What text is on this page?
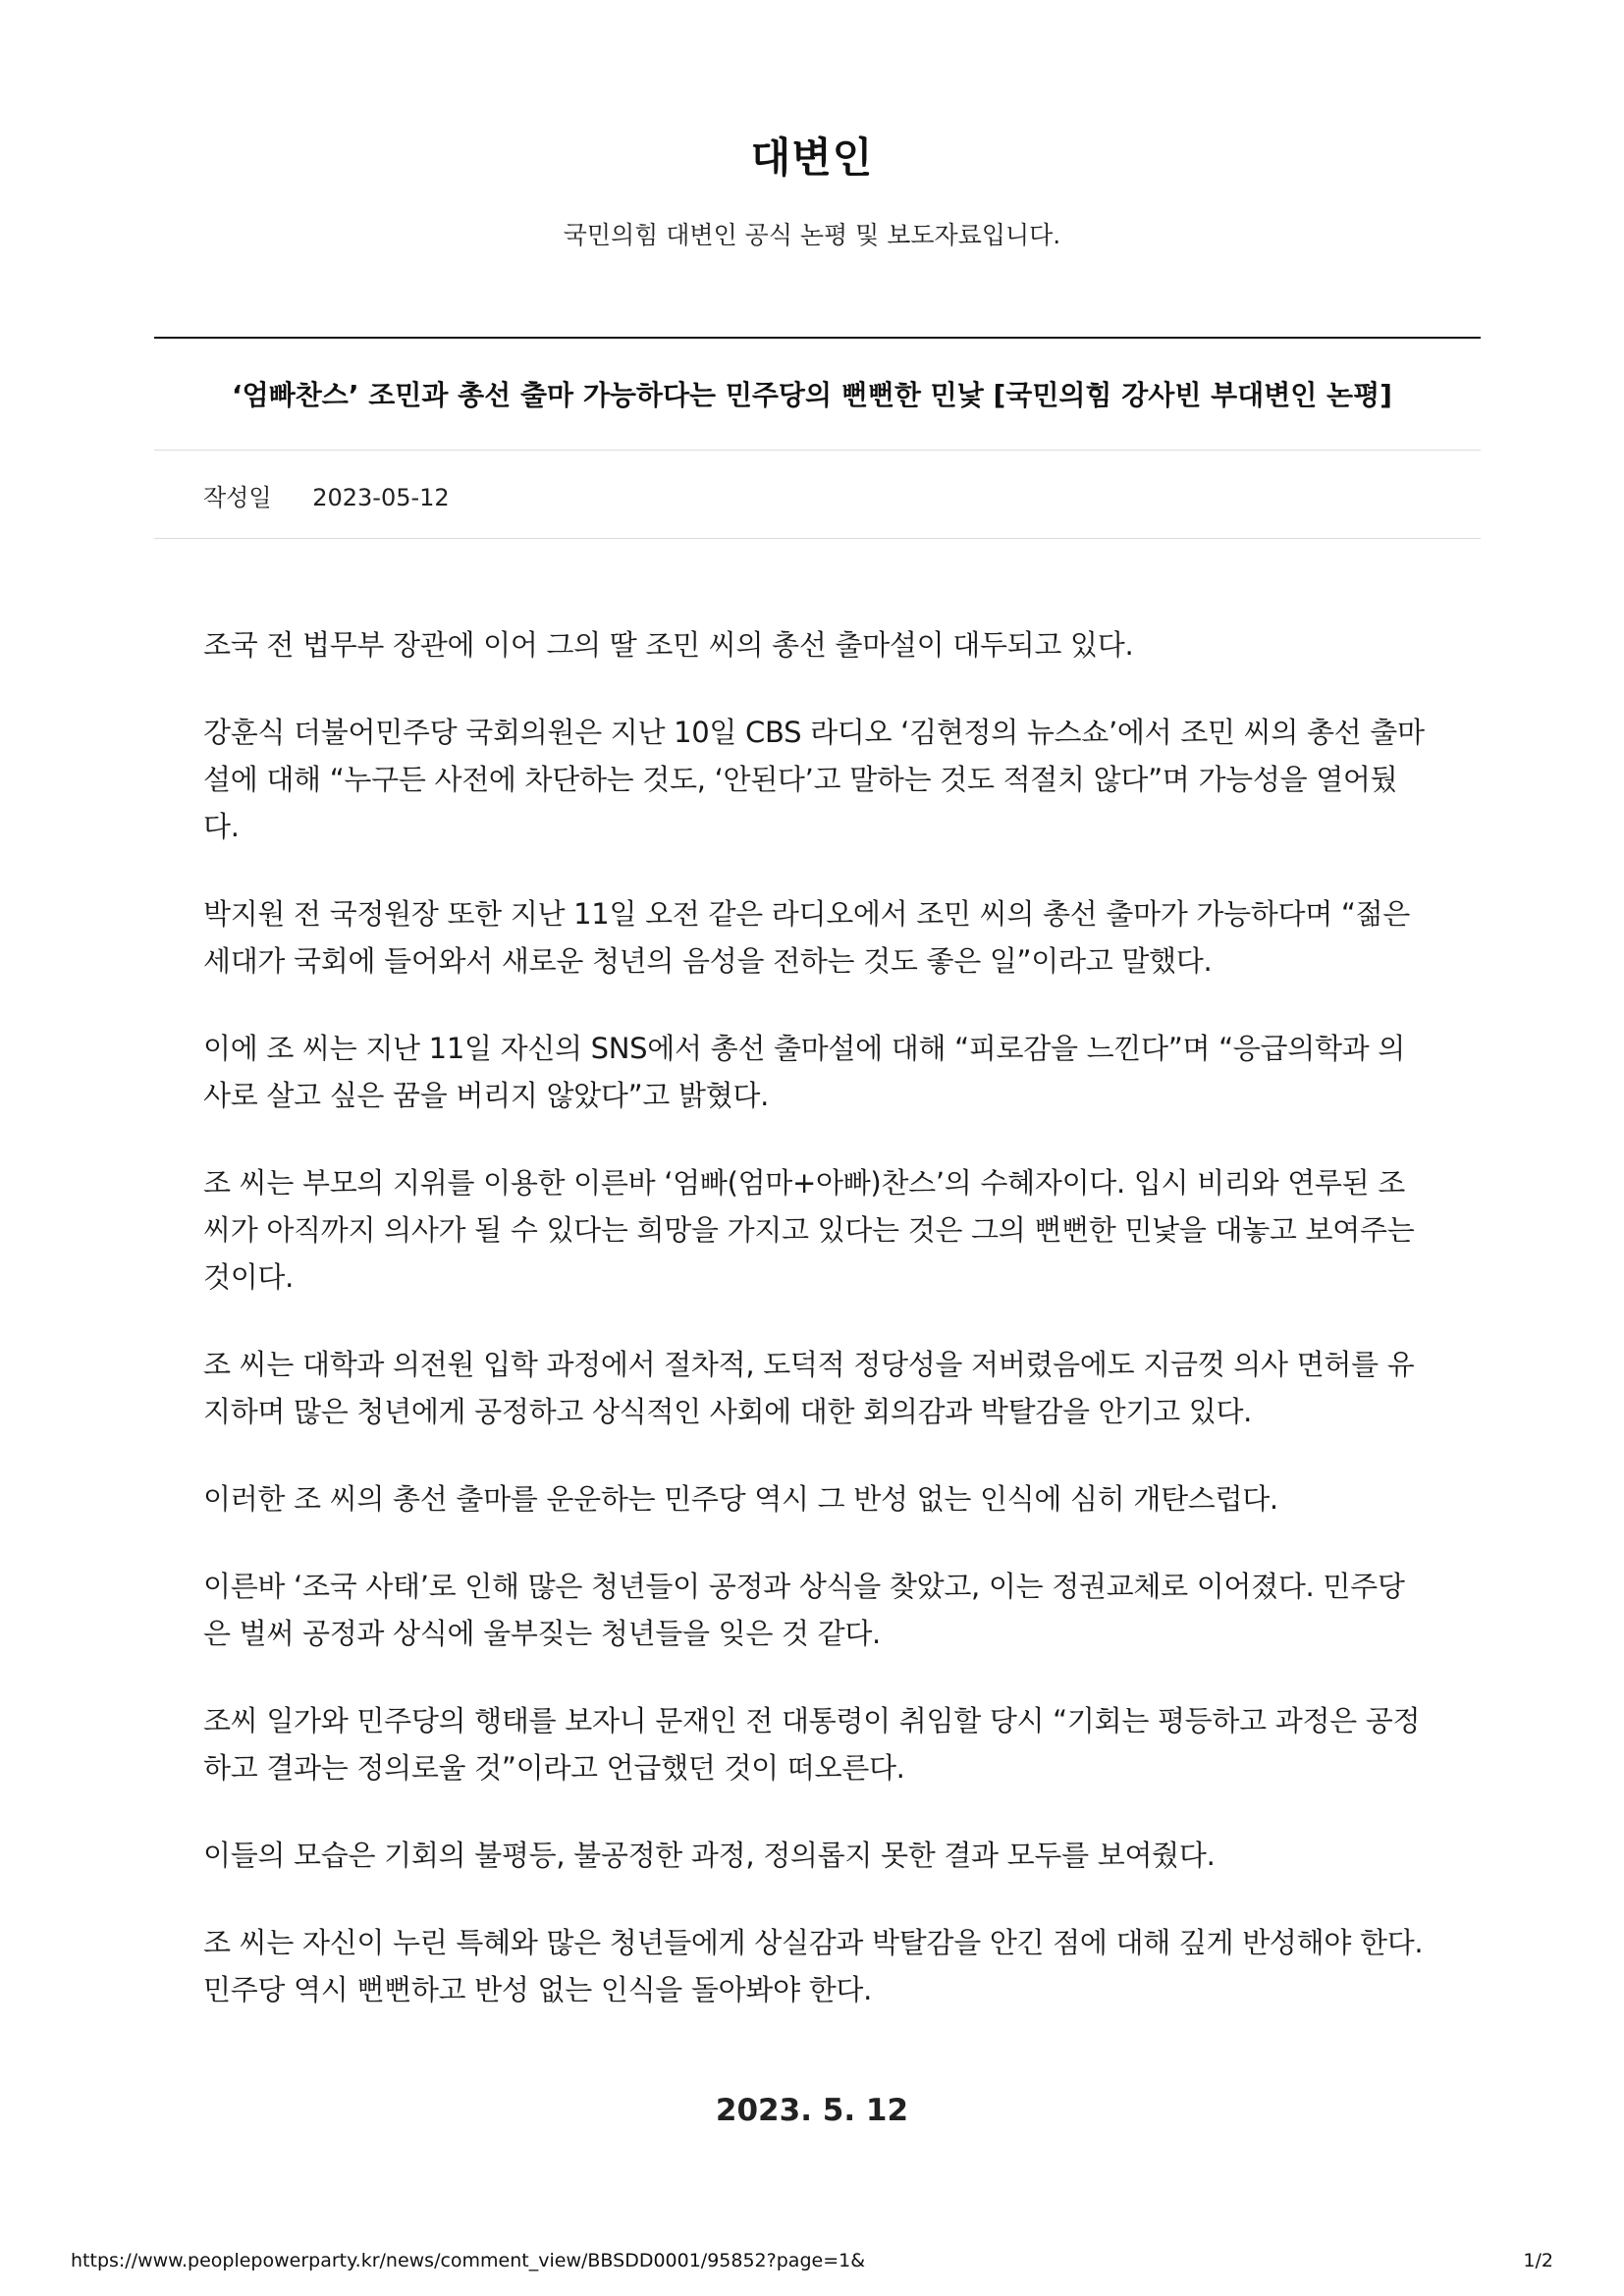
대변인
국민의힘 대변인 공식 논평 및 보도자료입니다.
‘엄빠찬스’ 조민과 총선 출마 가능하다는 민주당의 뻔뻔한 민낯 [국민의힘 강사빈 부대변인 논평]
작성일 2023-05-12

조국 전 법무부 장관에 이어 그의 딸 조민 씨의 총선 출마설이 대두되고 있다.

강훈식 더불어민주당 국회의원은 지난 10일 CBS 라디오 ‘김현정의 뉴스쇼’에서 조민 씨의 총선 출마설에 대해 “누구든 사전에 차단하는 것도, ‘안된다’고 말하는 것도 적절치 않다”며 가능성을 열어뒀다.

박지원 전 국정원장 또한 지난 11일 오전 같은 라디오에서 조민 씨의 총선 출마가 가능하다며 “젊은 세대가 국회에 들어와서 새로운 청년의 음성을 전하는 것도 좋은 일”이라고 말했다.

이에 조 씨는 지난 11일 자신의 SNS에서 총선 출마설에 대해 “피로감을 느낀다”며 “응급의학과 의사로 살고 싶은 꿈을 버리지 않았다”고 밝혔다.

조 씨는 부모의 지위를 이용한 이른바 ‘엄빠(엄마+아빠)찬스’의 수혜자이다. 입시 비리와 연루된 조 씨가 아직까지 의사가 될 수 있다는 희망을 가지고 있다는 것은 그의 뻔뻔한 민낯을 대놓고 보여주는 것이다.

조 씨는 대학과 의전원 입학 과정에서 절차적, 도덕적 정당성을 저버렸음에도 지금껏 의사 면허를 유지하며 많은 청년에게 공정하고 상식적인 사회에 대한 회의감과 박탈감을 안기고 있다.

이러한 조 씨의 총선 출마를 운운하는 민주당 역시 그 반성 없는 인식에 심히 개탄스럽다.

이른바 ‘조국 사태’로 인해 많은 청년들이 공정과 상식을 찾았고, 이는 정권교체로 이어졌다. 민주당은 벌써 공정과 상식에 울부짖는 청년들을 잊은 것 같다.

조씨 일가와 민주당의 행태를 보자니 문재인 전 대통령이 취임할 당시 “기회는 평등하고 과정은 공정하고 결과는 정의로울 것”이라고 언급했던 것이 떠오른다.

이들의 모습은 기회의 불평등, 불공정한 과정, 정의롭지 못한 결과 모두를 보여줬다.

조 씨는 자신이 누린 특혜와 많은 청년들에게 상실감과 박탈감을 안긴 점에 대해 깊게 반성해야 한다. 민주당 역시 뻔뻔하고 반성 없는 인식을 돌아봐야 한다.

2023. 5. 12
https://www.peoplepowerparty.kr/news/comment_view/BBSDD0001/95852?page=1&	1/2
